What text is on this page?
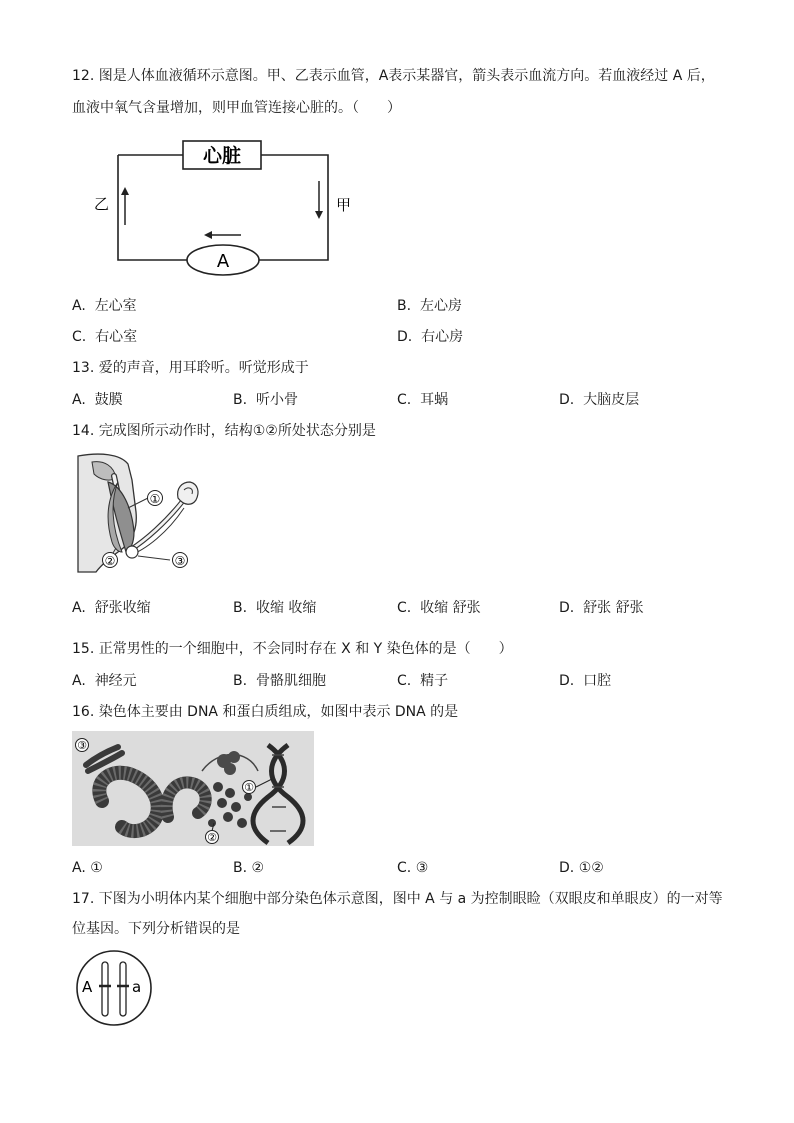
12. 图是人体血液循环示意图。甲、乙表示血管，A表示某器官，箭头表示血流方向。若血液经过 A 后，
血液中氧气含量增加，则甲血管连接心脏的。（　　）
心脏
A
乙	甲
A. 左心室	B. 左心房
C. 右心室	D. 右心房
13. 爱的声音，用耳聆听。听觉形成于
A. 鼓膜	B. 听小骨	C. 耳蜗	D. 大脑皮层
14. 完成图所示动作时，结构①②所处状态分别是
①
②	③
A. 舒张收缩	B. 收缩 收缩	C. 收缩 舒张	D. 舒张 舒张
15. 正常男性的一个细胞中，不会同时存在 X 和 Y 染色体的是（　　）
A. 神经元	B. 骨骼肌细胞	C. 精子	D. 口腔
16. 染色体主要由 DNA 和蛋白质组成，如图中表示 DNA 的是
①
②
③
A. ①	B. ②	C. ③	D. ①②
17. 下图为小明体内某个细胞中部分染色体示意图，图中 A 与 a 为控制眼睑（双眼皮和单眼皮）的一对等
位基因。下列分析错误的是
A	a
